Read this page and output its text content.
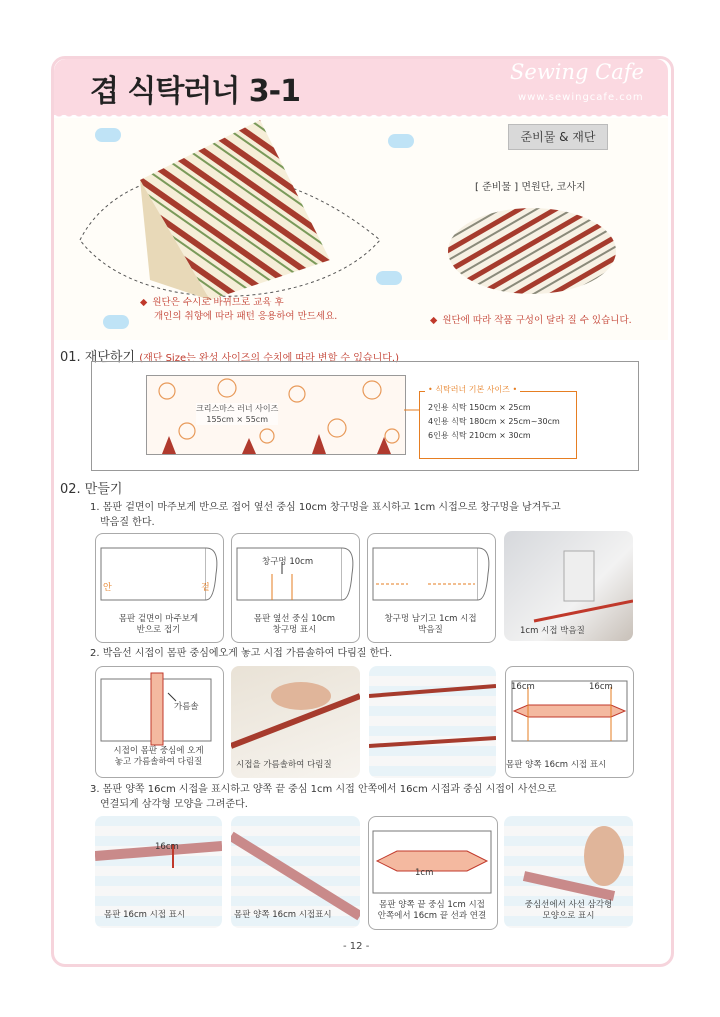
겹 식탁러너 3-1
Sewing Cafe
www.sewingcafe.com
준비물 & 재단
[ 준비물 ] 면원단, 코사지
◆ 원단은 수시로 바뀌므로 교육 후
개인의 취향에 따라 패턴 응용하여 만드세요.	◆ 원단에 따라 작품 구성이 달라 질 수 있습니다.
01. 재단하기 (재단 Size는 완성 사이즈의 수치에 따라 변할 수 있습니다.)
크리스마스 러너 사이즈
155cm × 55cm
• 식탁러너 기본 사이즈 •
2인용 식탁 150cm × 25cm
4인용 식탁 180cm × 25cm~30cm
6인용 식탁 210cm × 30cm
02. 만들기
1. 몸판 겉면이 마주보게 반으로 접어 옆선 중심 10cm 창구멍을 표시하고 1cm 시접으로 창구멍을 남겨두고
박음질 한다.
안	겉
몸판 겉면이 마주보게
반으로 접기
창구멍 10cm
몸판 옆선 중심 10cm
창구멍 표시
창구멍 남기고 1cm 시접
박음질	1cm 시접 박음질
2. 박음선 시접이 몸판 중심에오게 놓고 시접 가름솔하여 다림질 한다.
가름솔
시접이 몸판 중심에 오게
놓고 가름솔하여 다림질	시접을 가름솔하여 다림질
16cm	16cm
몸판 양쪽 16cm 시접 표시
3. 몸판 양쪽 16cm 시접을 표시하고 양쪽 끝 중심 1cm 시접 안쪽에서 16cm 시접과 중심 시접이 사선으로
연결되게 삼각형 모양을 그려준다.
16cm
몸판 16cm 시접 표시	몸판 양쪽 16cm 시접표시
1cm
몸판 양쪽 끝 중심 1cm 시접
안쪽에서 16cm 끝 선과 연결
중심선에서 사선 삼각형
모양으로 표시
- 12 -
